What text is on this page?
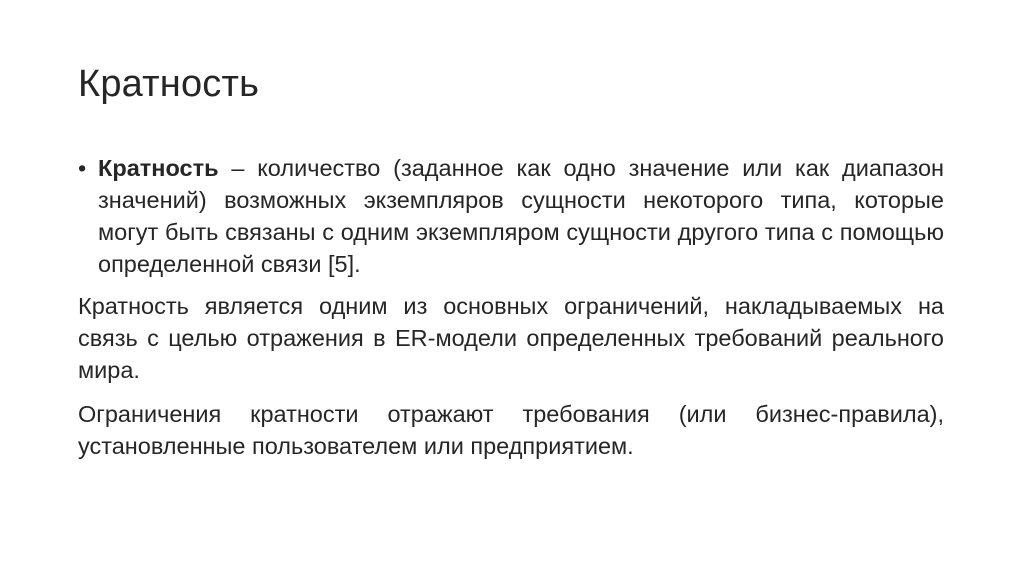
Кратность

• Кратность – количество (заданное как одно значение или как диапазон значений) возможных экземпляров сущности некоторого типа, которые могут быть связаны с одним экземпляром сущности другого типа с помощью определенной связи [5].

Кратность является одним из основных ограничений, накладываемых на связь с целью отражения в ER-модели определенных требований реального мира.

Ограничения кратности отражают требования (или бизнес-правила), установленные пользователем или предприятием.
